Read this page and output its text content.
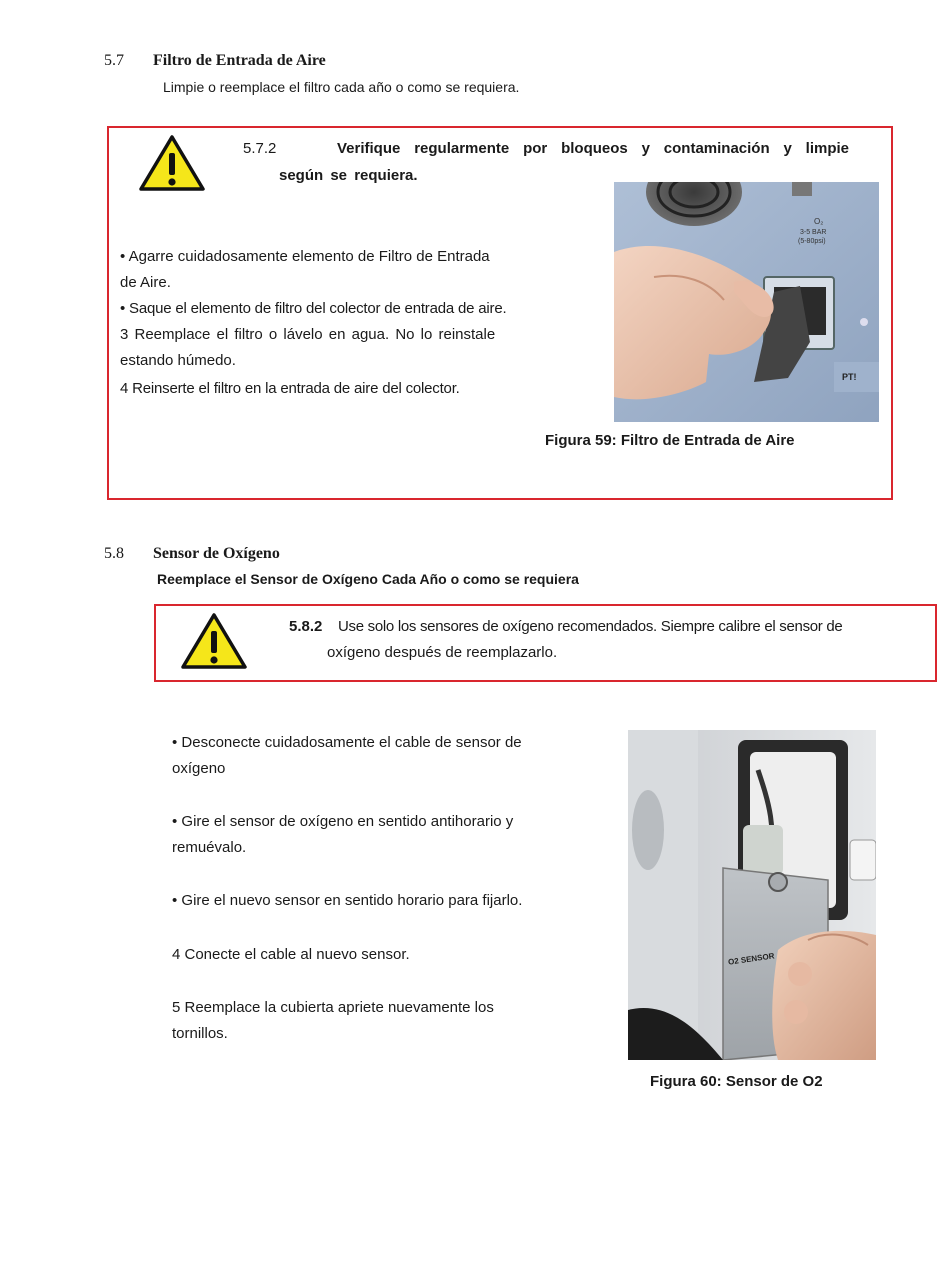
5.7 Filtro de Entrada de Aire
Limpie o reemplace el filtro cada año o como se requiera.
5.7.2	Verifique regularmente por bloqueos y contaminación y limpie
según se requiera.
• Agarre cuidadosamente elemento de Filtro de Entrada
de Aire.
• Saque el elemento de filtro del colector de entrada de aire.
3 Reemplace el filtro o lávelo en agua. No lo reinstale
estando húmedo.
4 Reinserte el filtro en la entrada de aire del colector.
O₂
3-5 BAR
(5-80psi)
PT!
Figura 59: Filtro de Entrada de Aire
5.8 Sensor de Oxígeno
Reemplace el Sensor de Oxígeno Cada Año o como se requiera
5.8.2 Use solo los sensores de oxígeno recomendados. Siempre calibre el sensor de
oxígeno después de reemplazarlo.
• Desconecte cuidadosamente el cable de sensor de
oxígeno
• Gire el sensor de oxígeno en sentido antihorario y
remuévalo.
• Gire el nuevo sensor en sentido horario para fijarlo.
4 Conecte el cable al nuevo sensor.
5 Reemplace la cubierta apriete nuevamente los
tornillos.
O2 SENSOR
Figura 60: Sensor de O2
